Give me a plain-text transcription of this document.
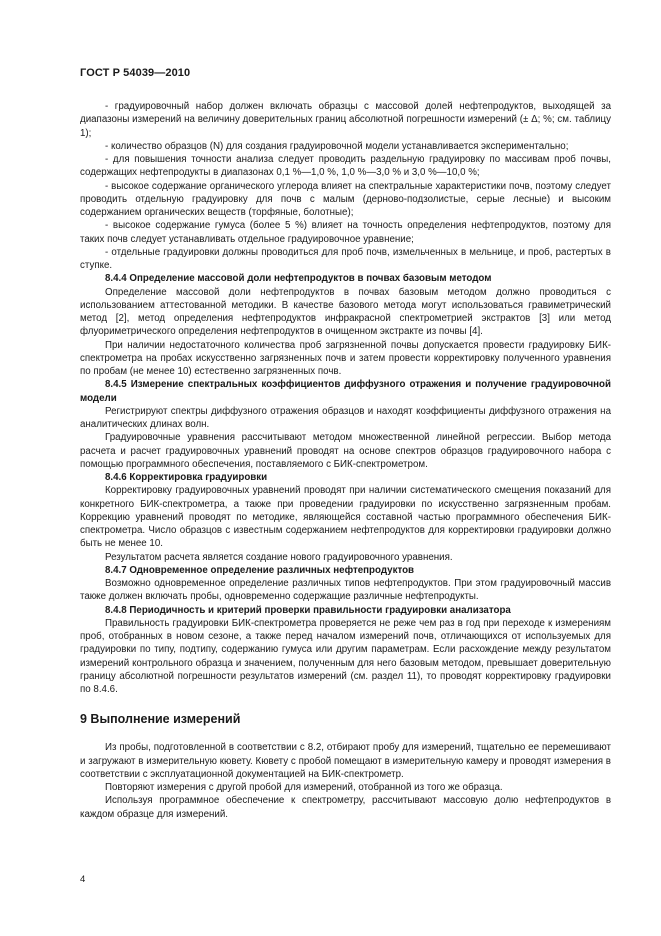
ГОСТ Р 54039—2010

- градуировочный набор должен включать образцы с массовой долей нефтепродуктов, выходящей за диапазоны измерений на величину доверительных границ абсолютной погрешности измерений (± Δ; %; см. таблицу 1);

- количество образцов (N) для создания градуировочной модели устанавливается экспериментально;

- для повышения точности анализа следует проводить раздельную градуировку по массивам проб почвы, содержащих нефтепродукты в диапазонах 0,1 %—1,0 %, 1,0 %—3,0 % и 3,0 %—10,0 %;

- высокое содержание органического углерода влияет на спектральные характеристики почв, поэтому следует проводить отдельную градуировку для почв с малым (дерново-подзолистые, серые лесные) и высоким содержанием органических веществ (торфяные, болотные);

- высокое содержание гумуса (более 5 %) влияет на точность определения нефтепродуктов, поэтому для таких почв следует устанавливать отдельное градуировочное уравнение;

- отдельные градуировки должны проводиться для проб почв, измельченных в мельнице, и проб, растертых в ступке.

8.4.4 Определение массовой доли нефтепродуктов в почвах базовым методом

Определение массовой доли нефтепродуктов в почвах базовым методом должно проводиться с использованием аттестованной методики. В качестве базового метода могут использоваться гравиметрический метод [2], метод определения нефтепродуктов инфракрасной спектрометрией экстрактов [3] или метод флуориметрического определения нефтепродуктов в очищенном экстракте из почвы [4].

При наличии недостаточного количества проб загрязненной почвы допускается провести градуировку БИК-спектрометра на пробах искусственно загрязненных почв и затем провести корректировку полученного уравнения по пробам (не менее 10) естественно загрязненных почв.

8.4.5 Измерение спектральных коэффициентов диффузного отражения и получение градуировочной модели

Регистрируют спектры диффузного отражения образцов и находят коэффициенты диффузного отражения на аналитических длинах волн.

Градуировочные уравнения рассчитывают методом множественной линейной регрессии. Выбор метода расчета и расчет градуировочных уравнений проводят на основе спектров образцов градуировочного набора с помощью программного обеспечения, поставляемого с БИК-спектрометром.

8.4.6 Корректировка градуировки

Корректировку градуировочных уравнений проводят при наличии систематического смещения показаний для конкретного БИК-спектрометра, а также при проведении градуировки по искусственно загрязненным пробам. Коррекцию уравнений проводят по методике, являющейся составной частью программного обеспечения БИК-спектрометра. Число образцов с известным содержанием нефтепродуктов для корректировки градуировки должно быть не менее 10.

Результатом расчета является создание нового градуировочного уравнения.

8.4.7 Одновременное определение различных нефтепродуктов

Возможно одновременное определение различных типов нефтепродуктов. При этом градуировочный массив также должен включать пробы, одновременно содержащие различные нефтепродукты.

8.4.8 Периодичность и критерий проверки правильности градуировки анализатора

Правильность градуировки БИК-спектрометра проверяется не реже чем раз в год при переходе к измерениям проб, отобранных в новом сезоне, а также перед началом измерений почв, отличающихся от используемых для градуировки по типу, подтипу, содержанию гумуса или другим параметрам. Если расхождение между результатом измерений контрольного образца и значением, полученным для него базовым методом, превышает доверительную границу абсолютной погрешности результатов измерений (см. раздел 11), то проводят корректировку градуировки по 8.4.6.

9 Выполнение измерений

Из пробы, подготовленной в соответствии с 8.2, отбирают пробу для измерений, тщательно ее перемешивают и загружают в измерительную кювету. Кювету с пробой помещают в измерительную камеру и проводят измерения в соответствии с эксплуатационной документацией на БИК-спектрометр.

Повторяют измерения с другой пробой для измерений, отобранной из того же образца.

Используя программное обеспечение к спектрометру, рассчитывают массовую долю нефтепродуктов в каждом образце для измерений.

4
